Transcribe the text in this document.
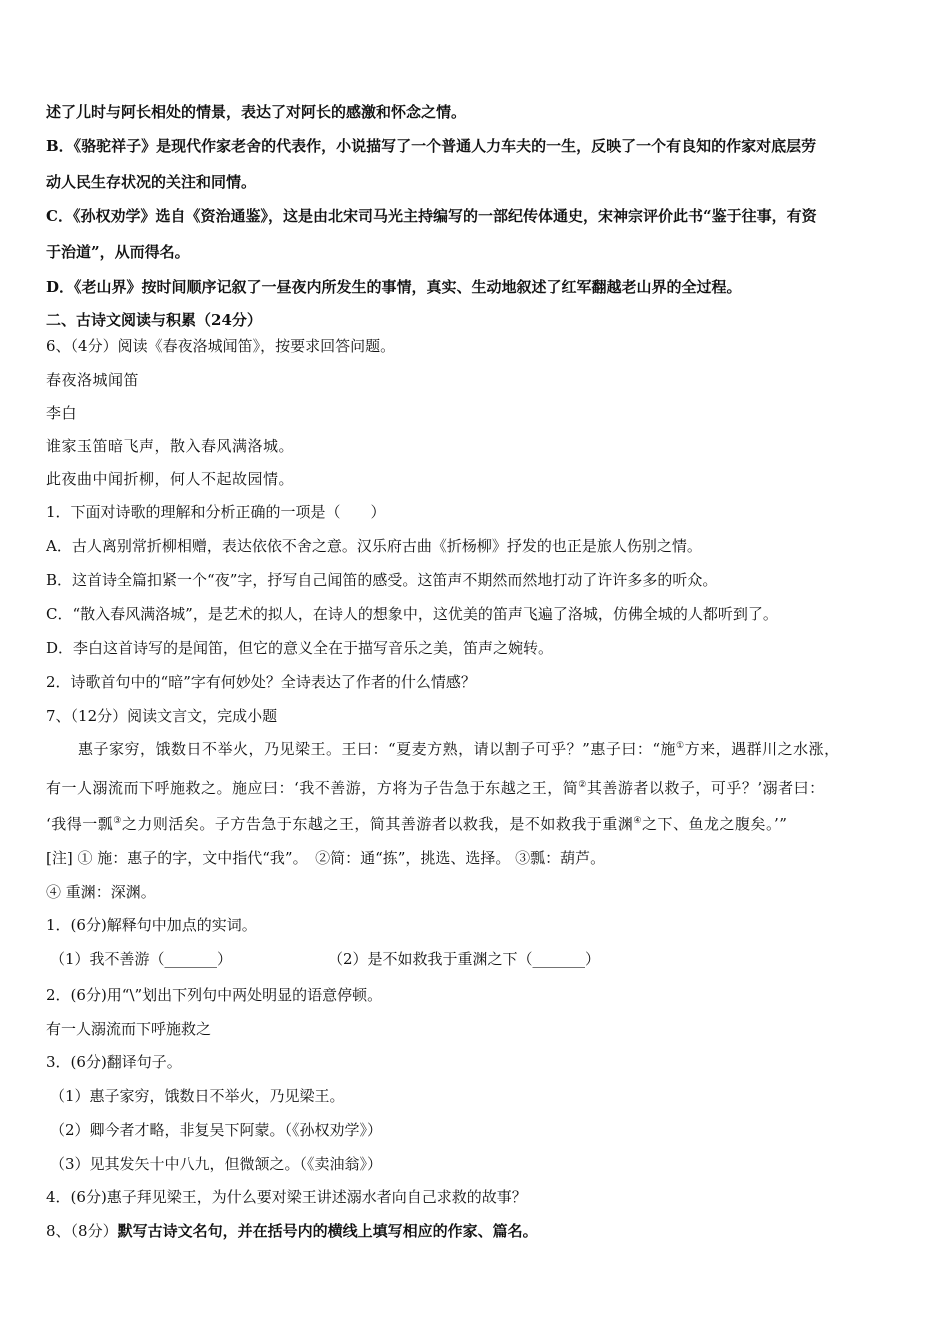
述了儿时与阿长相处的情景，表达了对阿长的感激和怀念之情。
B．《骆驼祥子》是现代作家老舍的代表作，小说描写了一个普通人力车夫的一生，反映了一个有良知的作家对底层劳
动人民生存状况的关注和同情。
C．《孙权劝学》选自《资治通鉴》，这是由北宋司马光主持编写的一部纪传体通史，宋神宗评价此书“鉴于往事，有资
于治道”，从而得名。
D．《老山界》按时间顺序记叙了一昼夜内所发生的事情，真实、生动地叙述了红军翻越老山界的全过程。
二、古诗文阅读与积累（24分）
6、（4分）阅读《春夜洛城闻笛》，按要求回答问题。
春夜洛城闻笛
李白
谁家玉笛暗飞声，散入春风满洛城。
此夜曲中闻折柳，何人不起故园情。
1．下面对诗歌的理解和分析正确的一项是（　　）
A．古人离别常折柳相赠，表达依依不舍之意。汉乐府古曲《折杨柳》抒发的也正是旅人伤别之情。
B．这首诗全篇扣紧一个“夜”字，抒写自己闻笛的感受。这笛声不期然而然地打动了许许多多的听众。
C．“散入春风满洛城”，是艺术的拟人，在诗人的想象中，这优美的笛声飞遍了洛城，仿佛全城的人都听到了。
D．李白这首诗写的是闻笛，但它的意义全在于描写音乐之美，笛声之婉转。
2．诗歌首句中的“暗”字有何妙处？全诗表达了作者的什么情感？
7、（12分）阅读文言文，完成小题
惠子家穷，饿数日不举火，乃见梁王。王曰：“夏麦方熟，请以割子可乎？”惠子曰：“施①方来，遇群川之水涨，
有一人溺流而下呼施救之。施应曰：‘我不善游，方将为子告急于东越之王，简②其善游者以救子，可乎？’溺者曰：
‘我得一瓢③之力则活矣。子方告急于东越之王，简其善游者以救我，是不如救我于重渊④之下、鱼龙之腹矣。’”
[注] ① 施：惠子的字，文中指代“我”。　②简：通“拣”，挑选、选择。 ③瓢：葫芦。
④ 重渊：深渊。
1．(6分)解释句中加点的实词。
（1）我不善游（_______）	（2）是不如救我于重渊之下（_______）
2．(6分)用“\”划出下列句中两处明显的语意停顿。
有一人溺流而下呼施救之
3．(6分)翻译句子。
（1）惠子家穷，饿数日不举火，乃见梁王。
（2）卿今者才略，非复吴下阿蒙。（《孙权劝学》）
（3）见其发矢十中八九，但微颔之。（《卖油翁》）
4．(6分)惠子拜见梁王，为什么要对梁王讲述溺水者向自己求救的故事？
8、（8分）默写古诗文名句，并在括号内的横线上填写相应的作家、篇名。
